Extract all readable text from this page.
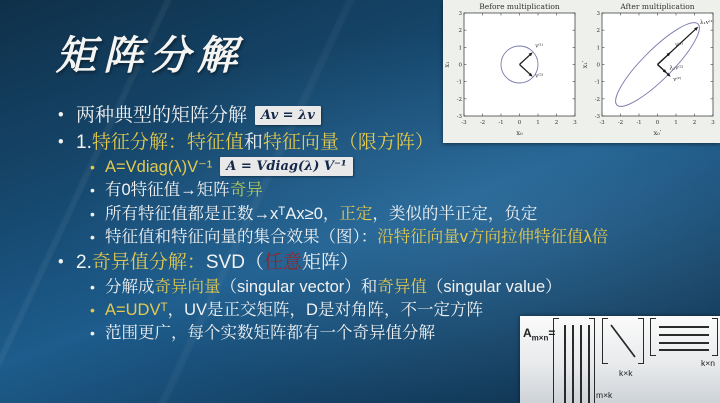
矩阵分解
Before multiplication
-3
-3
-2
-2
-1
-1
0
0
1
1
2
2
3
3
x₀
x₁
v⁽¹⁾
v⁽²⁾
After multiplication
-3
-3
-2
-2
-1
-1
0
0
1
1
2
2
3
3
x₀′
x₁′
λ₁v⁽¹⁾
v⁽¹⁾
v⁽²⁾
λ₂v⁽²⁾
• 两种典型的矩阵分解 Av = λv
• 1.特征分解：特征值和特征向量（限方阵）
• A=Vdiag(λ)V⁻¹ A = Vdiag(λ) V⁻¹
• 有0特征值→矩阵奇异
• 所有特征值都是正数→xᵀAx≥0，正定，类似的半正定，负定
• 特征值和特征向量的集合效果（图）：沿特征向量v方向拉伸特征值λ倍
• 2.奇异值分解：SVD（任意矩阵）
• 分解成奇异向量（singular vector）和奇异值（singular value）
• A=UDVᵀ，UV是正交矩阵，D是对角阵，不一定方阵
• 范围更广，每个实数矩阵都有一个奇异值分解	$A_{m\times n}=$
m×k
k×k
k×n
